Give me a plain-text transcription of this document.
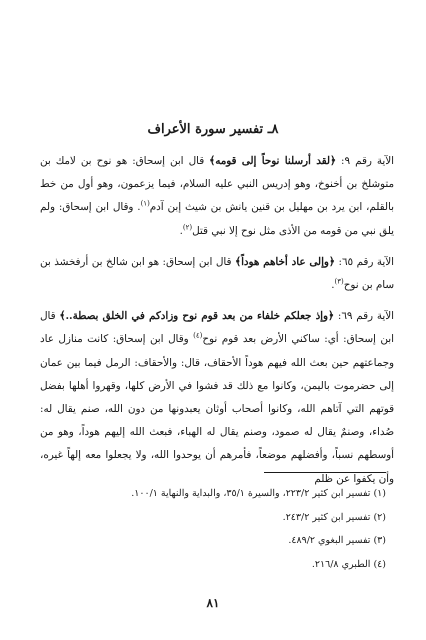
٨ـ تفسير سورة الأعراف

الآية رقم ٩: ﴿لقد أرسلنا نوحاً إلى قومه﴾ قال ابن إسحاق: هو نوح بن لامك بن متوشلخ بن أخنوخ، وهو إدريس النبي عليه السلام، فيما يزعمون، وهو أول من خط بالقلم، ابن يرد بن مهليل بن قنين يانش بن شيث إبن آدم$^{(١)}$. وقال ابن إسحاق: ولم يلق نبي من قومه من الأذى مثل نوح إلا نبي قتل$^{(٢)}$.

الآية رقم ٦٥: ﴿وإلى عاد أخاهم هوداً﴾ قال ابن إسحاق: هو ابن شالخ بن أرفخشذ بن سام بن نوح$^{(٣)}$.

الآية رقم ٦٩: ﴿وإذ جعلكم خلفاء من بعد قوم نوح وزادكم في الخلق بصطة..﴾ قال ابن إسحاق: أي: ساكني الأرض بعد قوم نوح$^{(٤)}$ وقال ابن إسحاق: كانت منازل عاد وجماعتهم حين بعث الله فيهم هوداً الأحقاف، قال: والأحقاف: الرمل فيما بين عمان إلى حضرموت باليمن، وكانوا مع ذلك قد فشوا في الأرض كلها، وقهروا أهلها بفضل قوتهم التي آتاهم الله، وكانوا أصحاب أوثان يعبدونها من دون الله، صنم يقال له: صُداء، وصنمٌ يقال له صمود، وصنم يقال له الهباء، فبعث الله إليهم هوداً، وهو من أوسطهم نسباً، وأفضلهم موضعاً، فأمرهم أن يوحدوا الله، ولا يجعلوا معه إلهاً غيره، وأن يكفوا عن ظلم

(١) تفسير ابن كثير ٢٢٣/٢، والسيرة ٣٥/١، والبداية والنهاية ١٠٠/١.

(٢) تفسير ابن كثير ٢٤٣/٢.

(٣) تفسير البغوي ٤٨٩/٢.

(٤) الطبري ٢١٦/٨.

٨١
